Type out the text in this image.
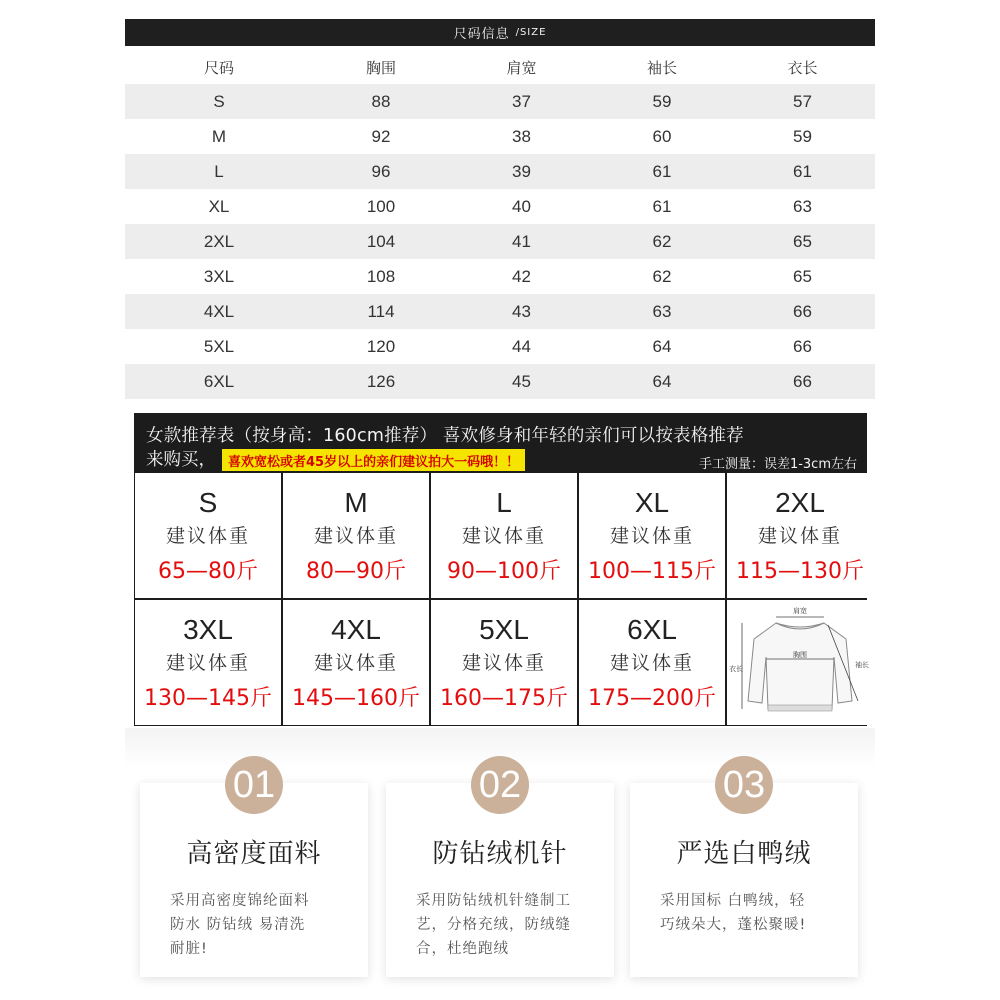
尺码信息 /SIZE
尺码	胸围	肩宽	袖长	衣长
S	88	37	59	57
M	92	38	60	59
L	96	39	61	61
XL	100	40	61	63
2XL	104	41	62	65
3XL	108	42	62	65
4XL	114	43	63	66
5XL	120	44	64	66
6XL	126	45	64	66
女款推荐表（按身高：160cm推荐） 喜欢修身和年轻的亲们可以按表格推荐
来购买， 喜欢宽松或者45岁以上的亲们建议拍大一码哦！！	手工测量：误差1-3cm左右
S
建议体重
65—80斤
M
建议体重
80—90斤
L
建议体重
90—100斤
XL
建议体重
100—115斤
2XL
建议体重
115—130斤
3XL
建议体重
130—145斤
4XL
建议体重
145—160斤
5XL
建议体重
160—175斤
6XL
建议体重
175—200斤
肩宽
胸围
衣长	袖长
01
高密度面料
采用高密度锦纶面料
防水 防钻绒 易清洗
耐脏!
02
防钻绒机针
采用防钻绒机针缝制工
艺，分格充绒，防绒缝
合，杜绝跑绒
03
严选白鸭绒
采用国标 白鸭绒，轻
巧绒朵大，蓬松聚暖!
